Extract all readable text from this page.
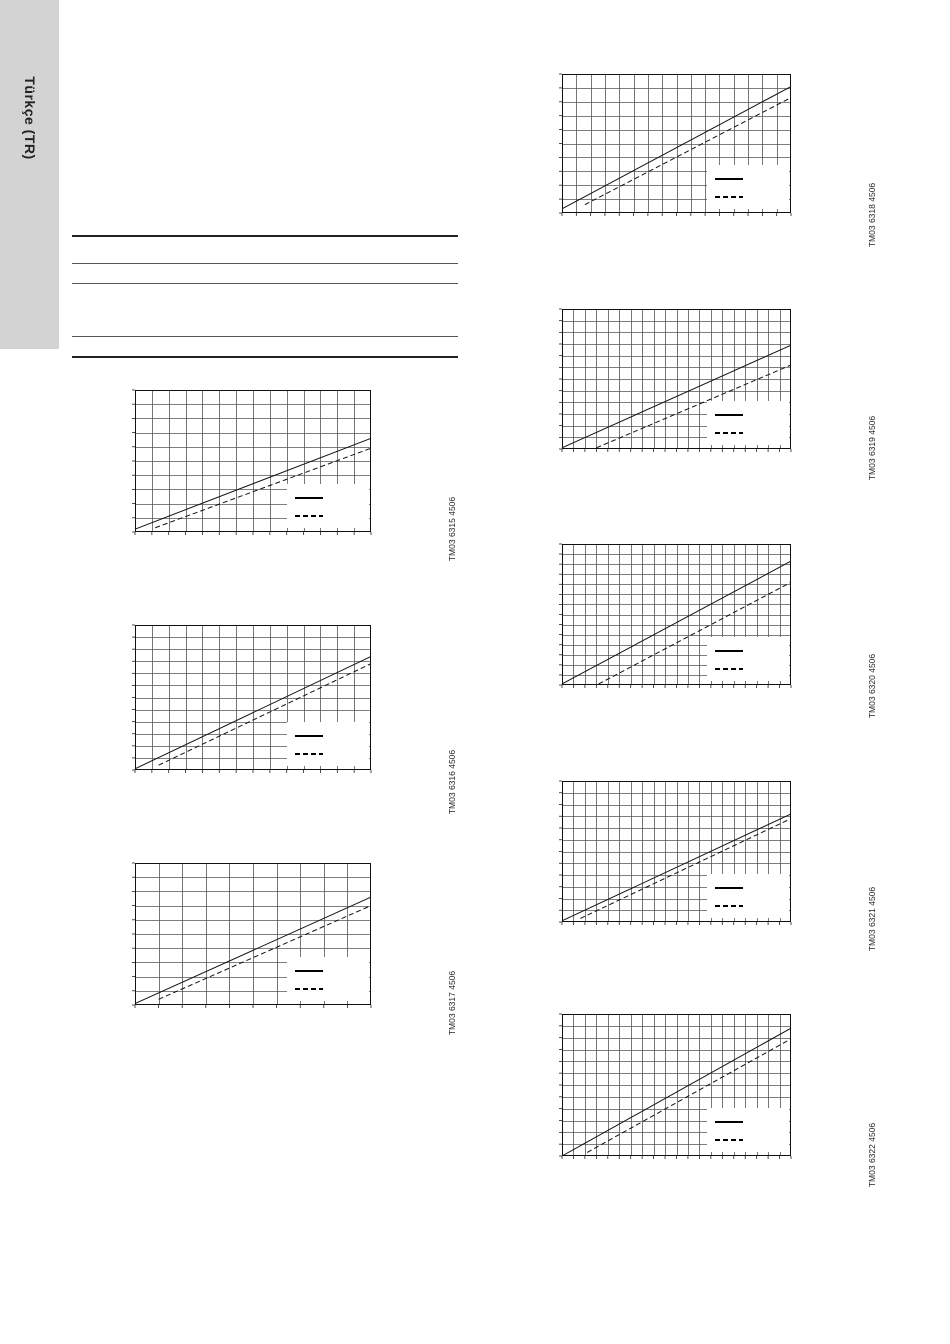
Türkçe (TR)
TM03 6315 4506
TM03 6316 4506
TM03 6317 4506
TM03 6318 4506
TM03 6319 4506
TM03 6320 4506
TM03 6321 4506
TM03 6322 4506
